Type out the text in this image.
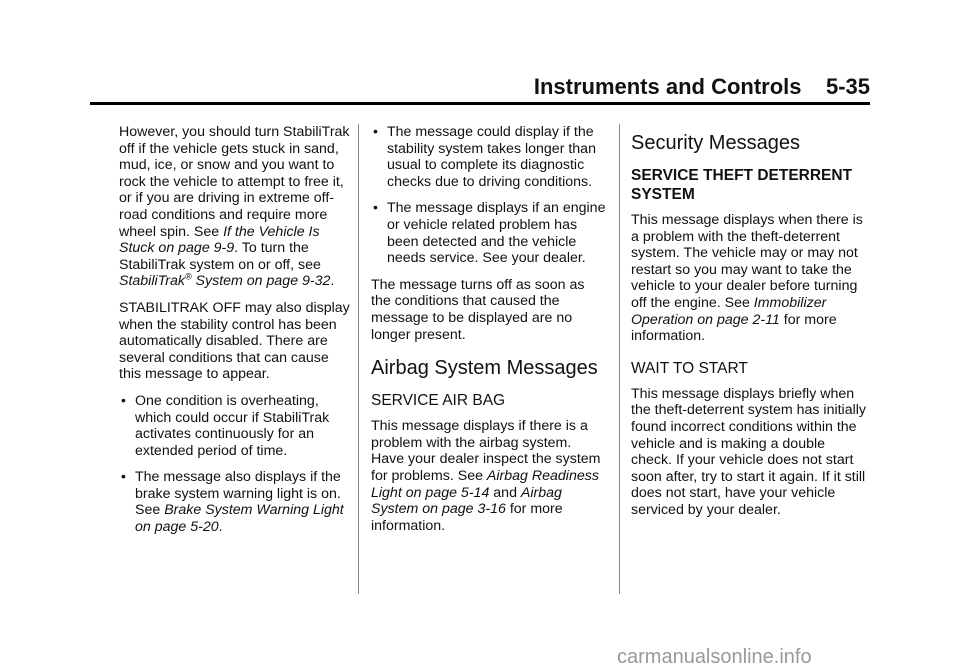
Instruments and Controls    5-35

However, you should turn StabiliTrak off if the vehicle gets stuck in sand, mud, ice, or snow and you want to rock the vehicle to attempt to free it, or if you are driving in extreme off-road conditions and require more wheel spin. See If the Vehicle Is Stuck on page 9-9. To turn the StabiliTrak system on or off, see StabiliTrak® System on page 9-32.

STABILITRAK OFF may also display when the stability control has been automatically disabled. There are several conditions that can cause this message to appear.

• One condition is overheating, which could occur if StabiliTrak activates continuously for an extended period of time.
• The message also displays if the brake system warning light is on. See Brake System Warning Light on page 5-20.
• The message could display if the stability system takes longer than usual to complete its diagnostic checks due to driving conditions.
• The message displays if an engine or vehicle related problem has been detected and the vehicle needs service. See your dealer.

The message turns off as soon as the conditions that caused the message to be displayed are no longer present.

Airbag System Messages
SERVICE AIR BAG

This message displays if there is a problem with the airbag system. Have your dealer inspect the system for problems. See Airbag Readiness Light on page 5-14 and Airbag System on page 3-16 for more information.

Security Messages
SERVICE THEFT DETERRENT SYSTEM

This message displays when there is a problem with the theft-deterrent system. The vehicle may or may not restart so you may want to take the vehicle to your dealer before turning off the engine. See Immobilizer Operation on page 2-11 for more information.

WAIT TO START

This message displays briefly when the theft-deterrent system has initially found incorrect conditions within the vehicle and is making a double check. If your vehicle does not start soon after, try to start it again. If it still does not start, have your vehicle serviced by your dealer.

carmanualsonline.info
